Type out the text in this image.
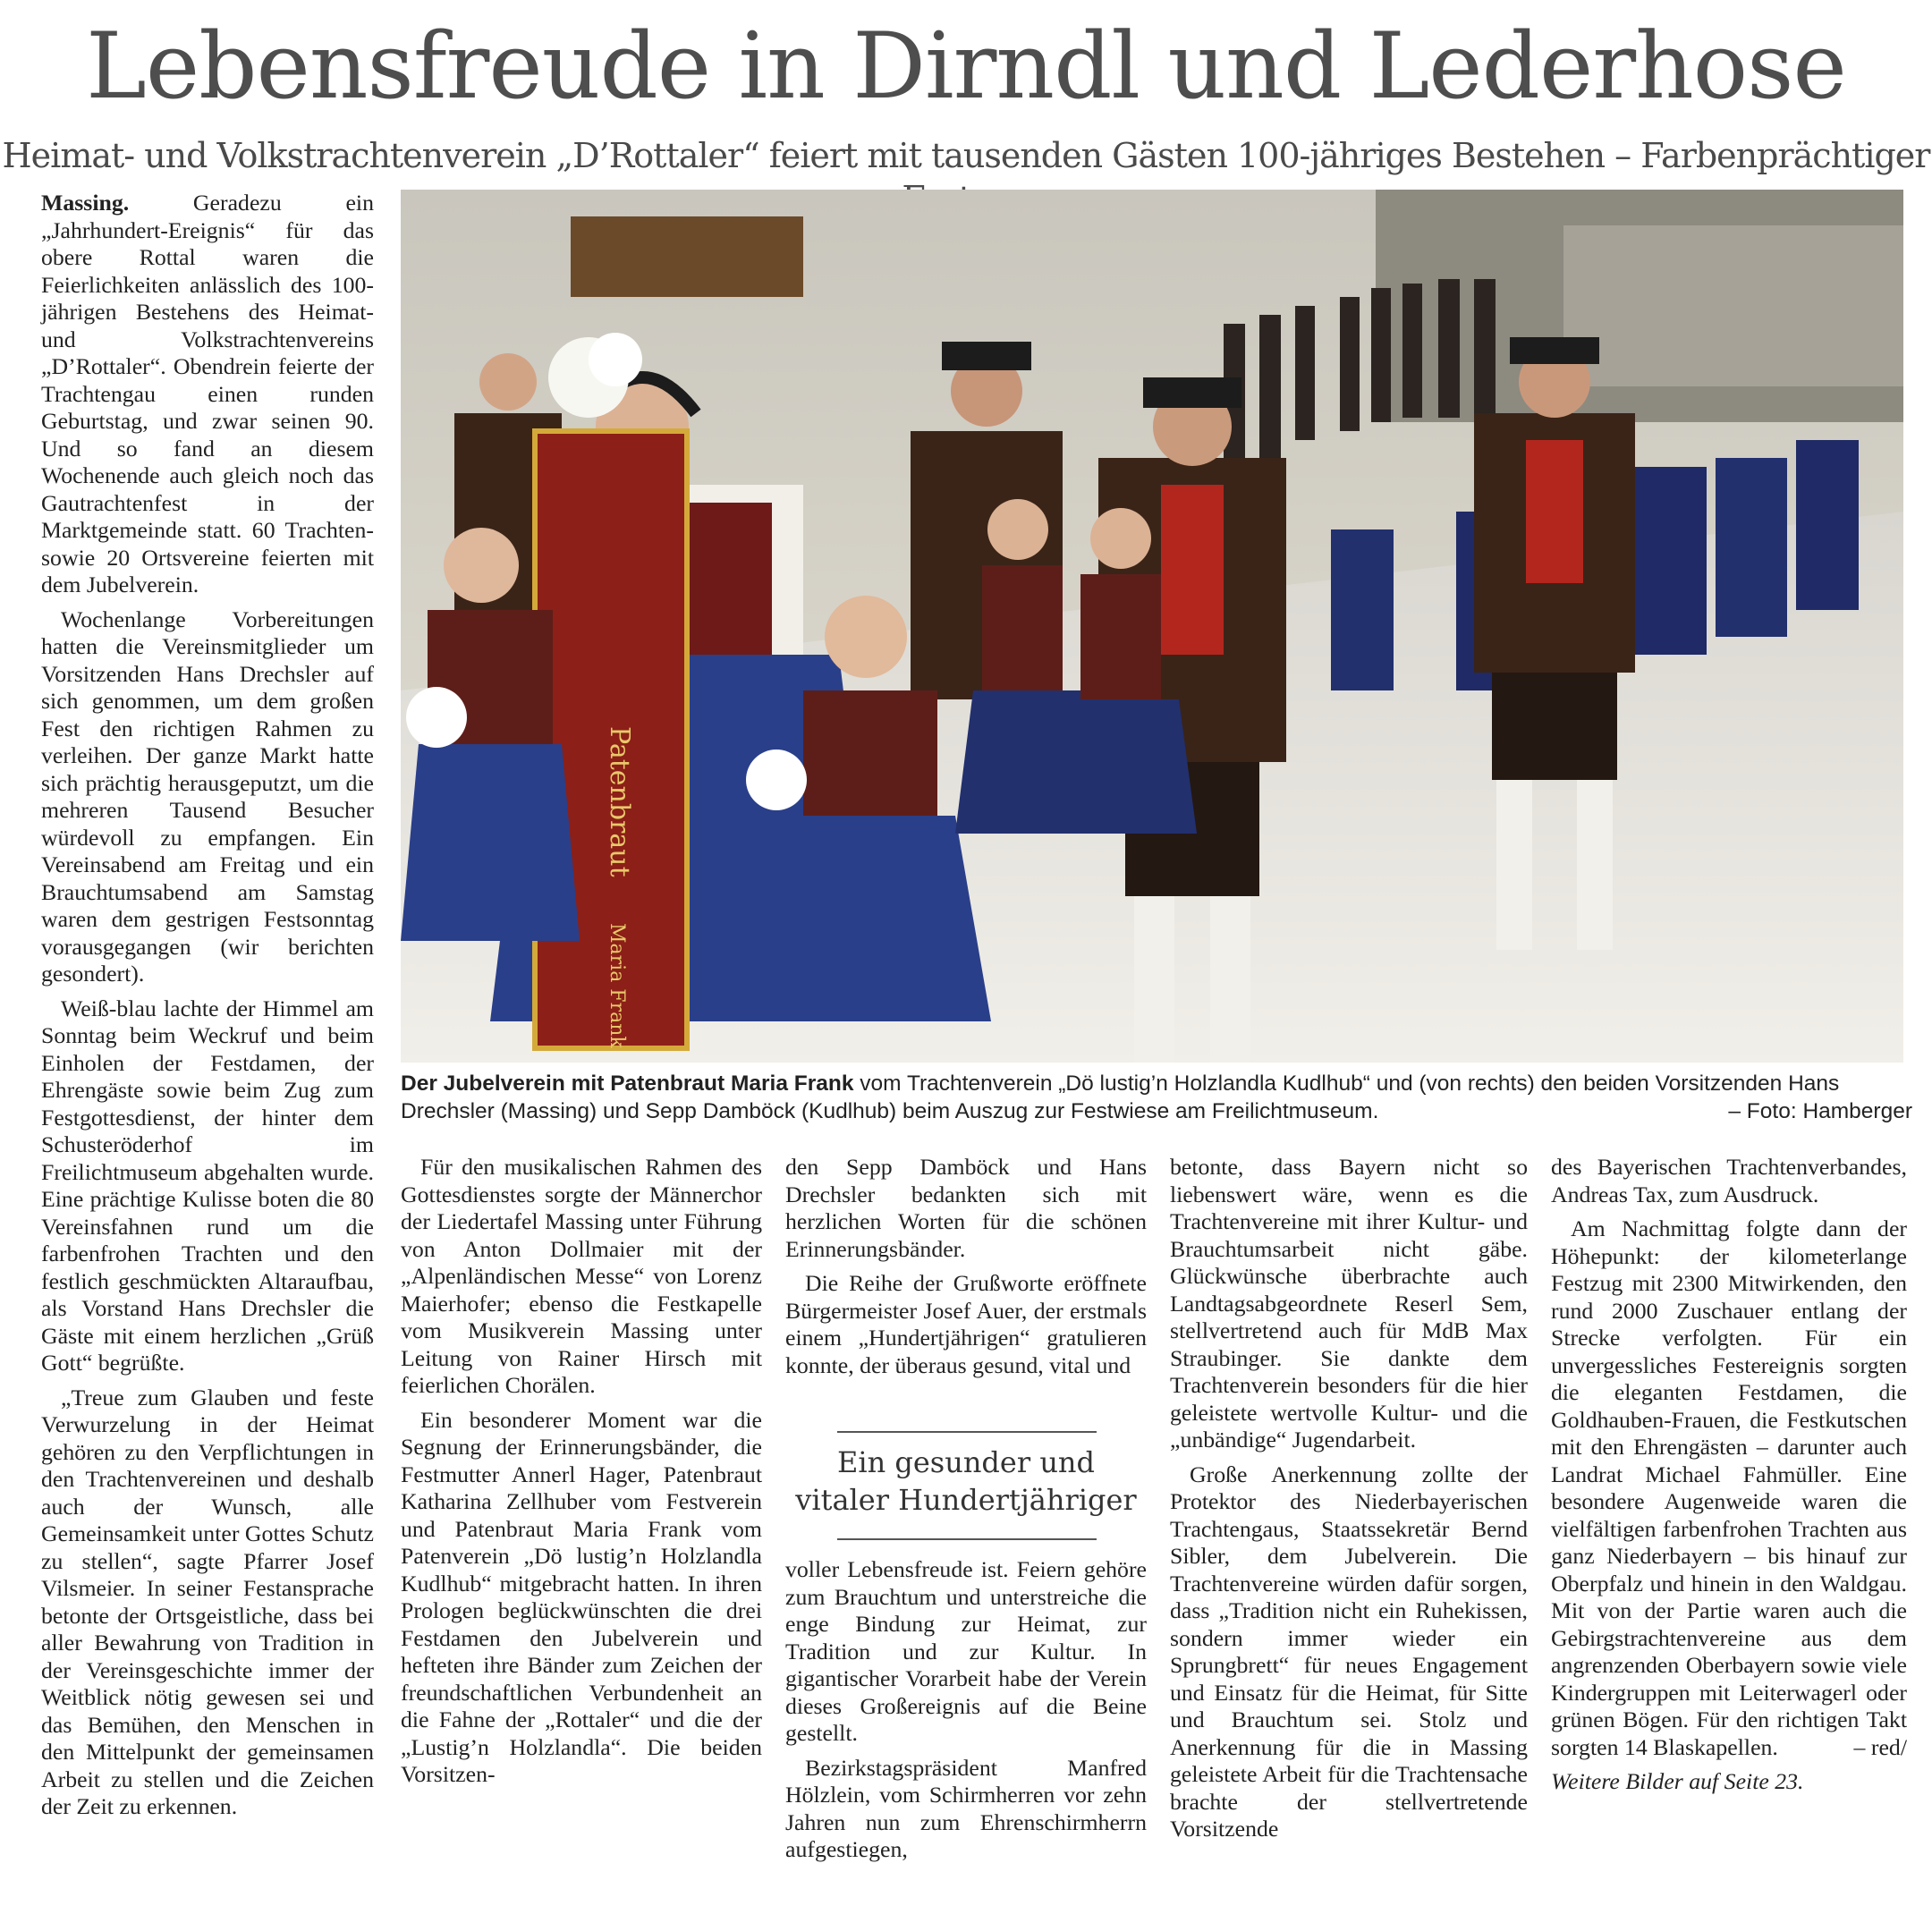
Lebensfreude in Dirndl und Lederhose
Heimat- und Volkstrachtenverein „D’Rottaler“ feiert mit tausenden Gästen 100-jähriges Bestehen – Farbenprächtiger

Massing.	Geradezu ein „Jahrhundert-Ereignis“ für das obere Rottal waren die Feierlichkeiten anlässlich des 100-jährigen Bestehens des Heimat- und Volkstrachtenvereins „D’Rottaler“. Obendrein feierte der Trachtengau einen runden Geburtstag, und zwar seinen 90. Und so fand an diesem Wochenende auch gleich noch das Gautrachtenfest in der Marktgemeinde statt. 60 Trachten- sowie 20 Ortsvereine feierten mit dem Jubelverein.

Wochenlange Vorbereitungen hatten die Vereinsmitglieder um Vorsitzenden Hans Drechsler auf sich genommen, um dem großen Fest den richtigen Rahmen zu verleihen. Der ganze Markt hatte sich prächtig herausgeputzt, um die mehreren Tausend Besucher würdevoll zu empfangen. Ein Vereinsabend am Freitag und ein Brauchtumsabend am Samstag waren dem gestrigen Festsonntag vorausgegangen (wir berichten gesondert).

Weiß-blau lachte der Himmel am Sonntag beim Weckruf und beim Einholen der Festdamen, der Ehrengäste sowie beim Zug zum Festgottesdienst, der hinter dem Schusteröderhof im Freilichtmuseum abgehalten wurde. Eine prächtige Kulisse boten die 80 Vereinsfahnen rund um die farbenfrohen Trachten und den festlich geschmückten Altaraufbau, als Vorstand Hans Drechsler die Gäste mit einem herzlichen „Grüß Gott“ begrüßte.

„Treue zum Glauben und feste Verwurzelung in der Heimat gehören zu den Verpflichtungen in den Trachtenvereinen und deshalb auch der Wunsch, alle Gemeinsamkeit unter Gottes Schutz zu stellen“, sagte Pfarrer Josef Vilsmeier. In seiner Festansprache betonte der Ortsgeistliche, dass bei aller Bewahrung von Tradition in der Vereinsgeschichte immer der Weitblick nötig gewesen sei und das Bemühen, den Menschen in den Mittelpunkt der gemeinsamen Arbeit zu stellen und die Zeichen der Zeit zu erkennen.

Patenbraut
Maria Frank
Der Jubelverein mit Patenbraut Maria Frank vom Trachtenverein „Dö lustig’n Holzlandla Kudlhub“ und (von rechts) den beiden Vorsitzenden Hans Drechsler (Massing) und Sepp Damböck (Kudlhub) beim Auszug zur Festwiese am Freilichtmuseum.	– Foto: Hamberger

Für den musikalischen Rahmen des Gottesdienstes sorgte der Männerchor der Liedertafel Massing unter Führung von Anton Dollmaier mit der „Alpenländischen Messe“ von Lorenz Maierhofer; ebenso die Festkapelle vom Musikverein Massing unter Leitung von Rainer Hirsch mit feierlichen Chorälen.

Ein besonderer Moment war die Segnung der Erinnerungsbänder, die Festmutter Annerl Hager, Patenbraut Katharina Zellhuber vom Festverein und Patenbraut Maria Frank vom Patenverein „Dö lustig’n Holzlandla Kudlhub“ mitgebracht hatten. In ihren Prologen beglückwünschten die drei Festdamen den Jubelverein und hefteten ihre Bänder zum Zeichen der freundschaftlichen Verbundenheit an die Fahne der „Rottaler“ und die der „Lustig’n Holzlandla“. Die beiden Vorsitzen-

den Sepp Damböck und Hans Drechsler bedankten sich mit herzlichen Worten für die schönen Erinnerungsbänder.

Die Reihe der Grußworte eröffnete Bürgermeister Josef Auer, der erstmals einem „Hundertjährigen“ gratulieren konnte, der überaus gesund, vital und

Ein gesunder und vitaler Hundertjähriger

voller Lebensfreude ist. Feiern gehöre zum Brauchtum und unterstreiche die enge Bindung zur Heimat, zur Tradition und zur Kultur. In gigantischer Vorarbeit habe der Verein dieses Großereignis auf die Beine gestellt.

Bezirkstagspräsident Manfred Hölzlein, vom Schirmherren vor zehn Jahren nun zum Ehrenschirmherrn aufgestiegen,

betonte, dass Bayern nicht so liebenswert wäre, wenn es die Trachtenvereine mit ihrer Kultur- und Brauchtumsarbeit nicht gäbe. Glückwünsche überbrachte auch Landtagsabgeordnete Reserl Sem, stellvertretend auch für MdB Max Straubinger. Sie dankte dem Trachtenverein besonders für die hier geleistete wertvolle Kultur- und die „unbändige“ Jugendarbeit.

Große Anerkennung zollte der Protektor des Niederbayerischen Trachtengaus, Staatssekretär Bernd Sibler, dem Jubelverein. Die Trachtenvereine würden dafür sorgen, dass „Tradition nicht ein Ruhekissen, sondern immer wieder ein Sprungbrett“ für neues Engagement und Einsatz für die Heimat, für Sitte und Brauchtum sei. Stolz und Anerkennung für die in Massing geleistete Arbeit für die Trachtensache brachte der stellvertretende Vorsitzende

des Bayerischen Trachtenverbandes, Andreas Tax, zum Ausdruck.

Am Nachmittag folgte dann der Höhepunkt: der kilometerlange Festzug mit 2300 Mitwirkenden, den rund 2000 Zuschauer entlang der Strecke verfolgten. Für ein unvergessliches Festereignis sorgten die eleganten Festdamen, die Goldhauben-Frauen, die Festkutschen mit den Ehrengästen – darunter auch Landrat Michael Fahmüller. Eine besondere Augenweide waren die vielfältigen farbenfrohen Trachten aus ganz Niederbayern – bis hinauf zur Oberpfalz und hinein in den Waldgau. Mit von der Partie waren auch die Gebirgstrachtenvereine aus dem angrenzenden Oberbayern sowie viele Kindergruppen mit Leiterwagerl oder grünen Bögen. Für den richtigen Takt sorgten 14 Blaskapellen.	– red/

Weitere Bilder auf Seite 23.
